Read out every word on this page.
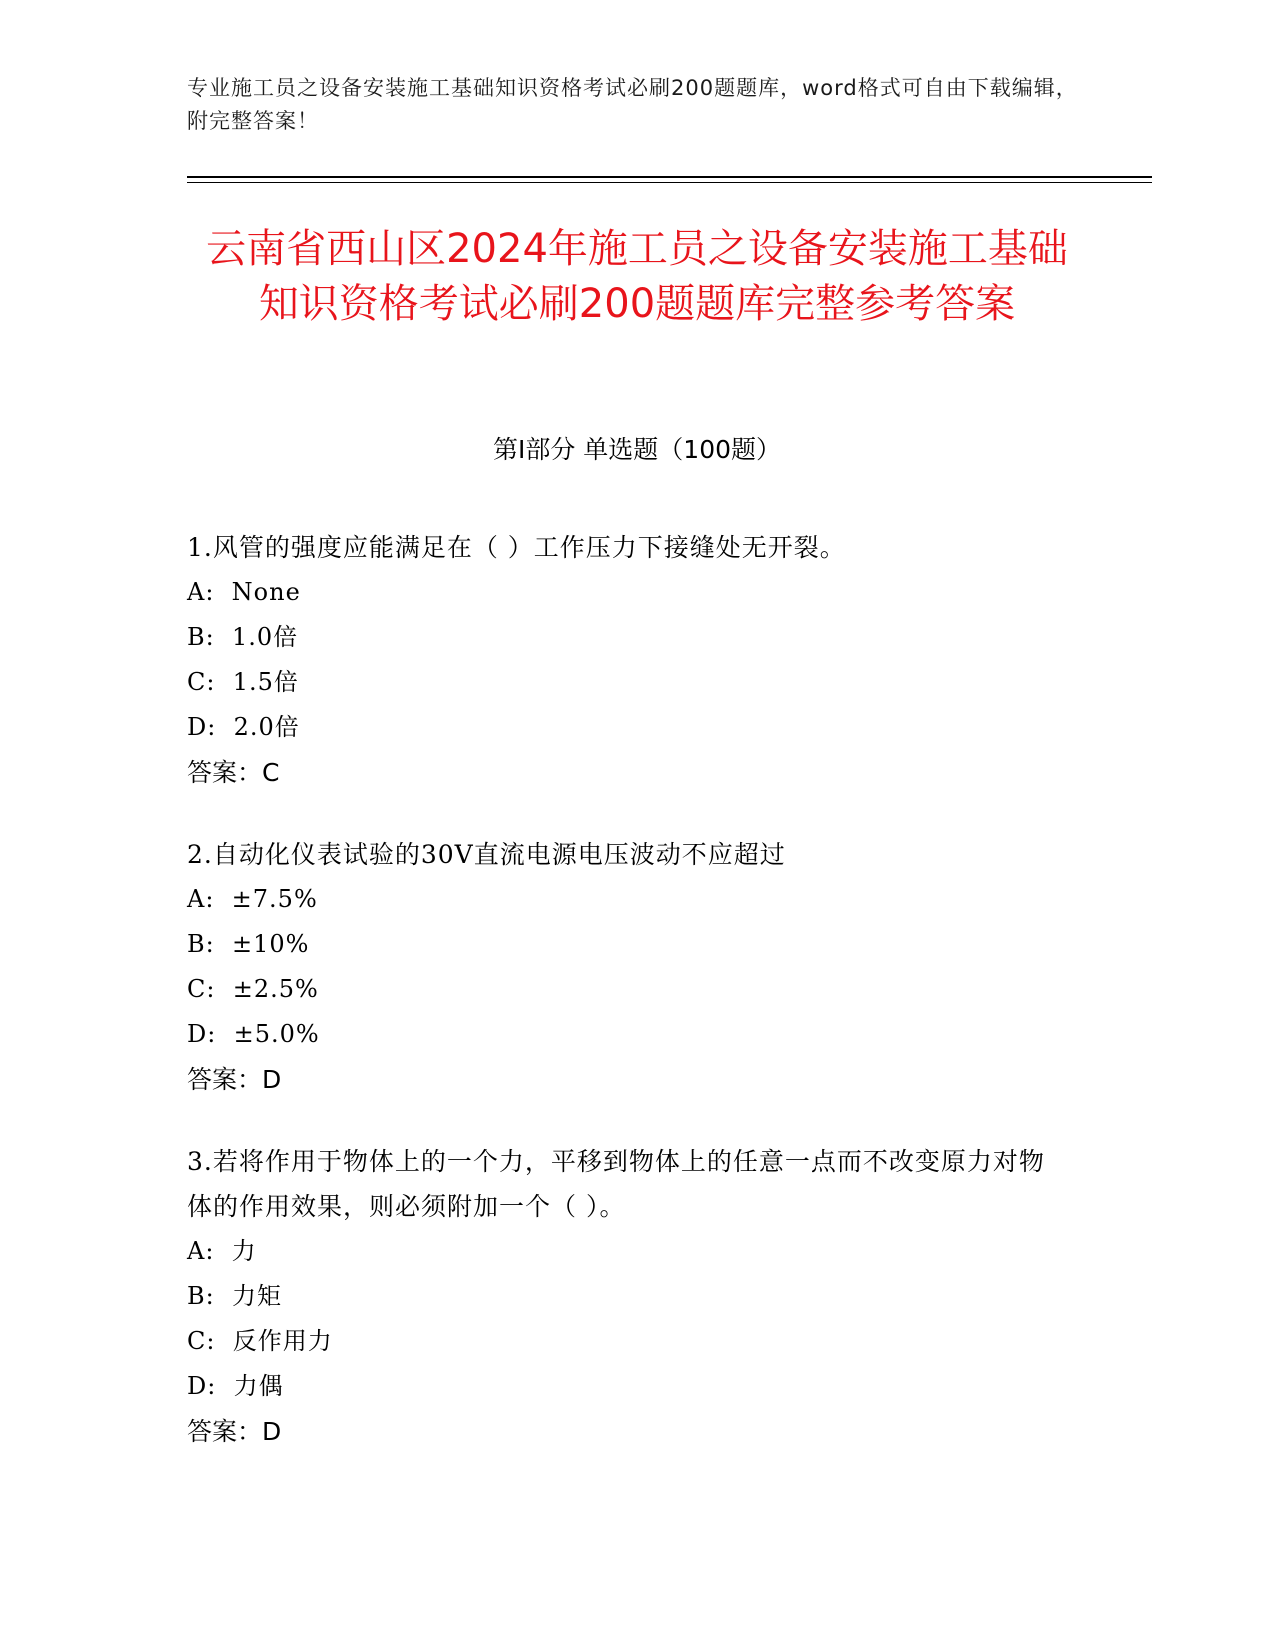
专业施工员之设备安装施工基础知识资格考试必刷200题题库，word格式可自由下载编辑，附完整答案！
云南省西山区2024年施工员之设备安装施工基础知识资格考试必刷200题题库完整参考答案
第Ⅰ部分 单选题（100题）

1.风管的强度应能满足在（ ）工作压力下接缝处无开裂。

A:  None

B:  1.0倍

C:  1.5倍

D:  2.0倍

答案：C

2.自动化仪表试验的30V直流电源电压波动不应超过

A:  ±7.5%

B:  ±10%

C:  ±2.5%

D:  ±5.0%

答案：D

3.若将作用于物体上的一个力，平移到物体上的任意一点而不改变原力对物体的作用效果，则必须附加一个（ ）。

A:  力

B:  力矩

C:  反作用力

D:  力偶

答案：D
